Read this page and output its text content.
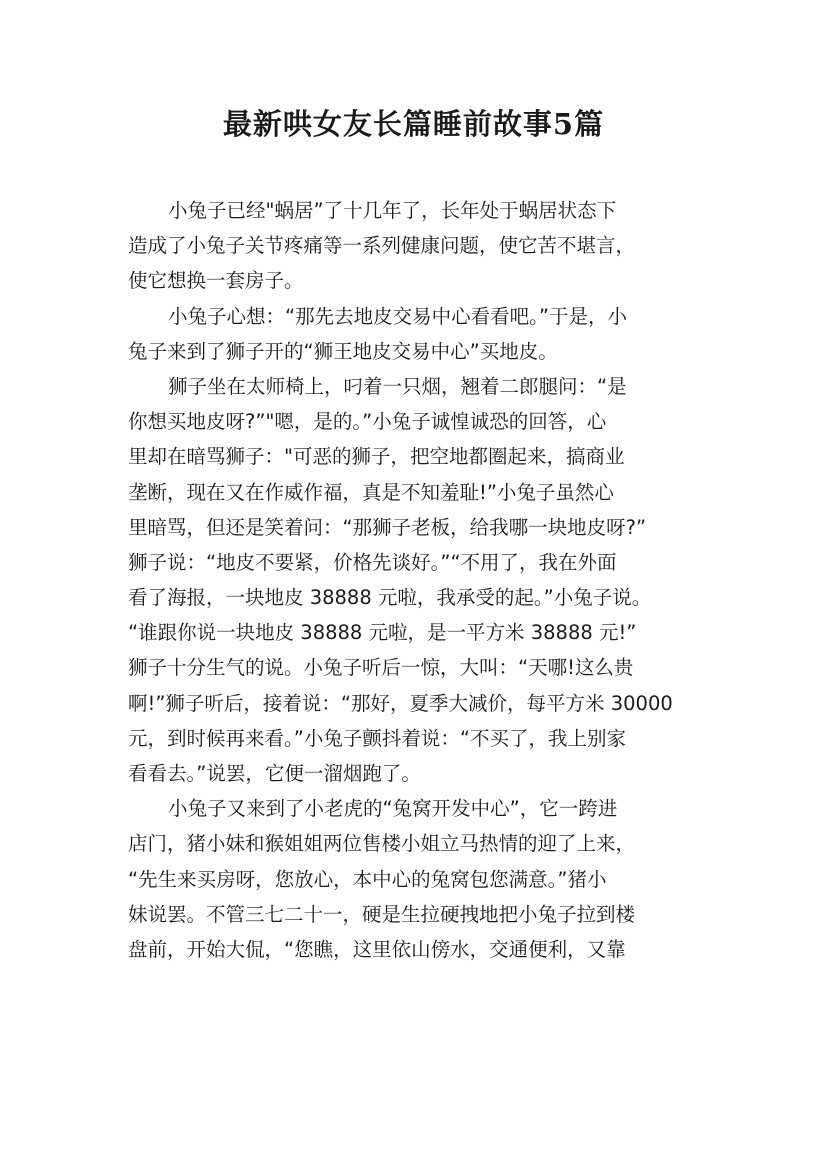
最新哄女友长篇睡前故事5篇

小兔子已经"蜗居”了十几年了，长年处于蜗居状态下
造成了小兔子关节疼痛等一系列健康问题，使它苦不堪言，
使它想换一套房子。

小兔子心想：“那先去地皮交易中心看看吧。”于是，小
兔子来到了狮子开的“狮王地皮交易中心”买地皮。

狮子坐在太师椅上，叼着一只烟，翘着二郎腿问：“是
你想买地皮呀?”"嗯，是的。”小兔子诚惶诚恐的回答，心
里却在暗骂狮子："可恶的狮子，把空地都圈起来，搞商业
垄断，现在又在作威作福，真是不知羞耻!”小兔子虽然心
里暗骂，但还是笑着问：“那狮子老板，给我哪一块地皮呀?”
狮子说：“地皮不要紧，价格先谈好。”“不用了，我在外面
看了海报，一块地皮 38888 元啦，我承受的起。”小兔子说。
“谁跟你说一块地皮 38888 元啦，是一平方米 38888 元!”
狮子十分生气的说。小兔子听后一惊，大叫：“天哪!这么贵
啊!”狮子听后，接着说：“那好，夏季大减价，每平方米 30000
元，到时候再来看。”小兔子颤抖着说：“不买了，我上别家
看看去。”说罢，它便一溜烟跑了。

小兔子又来到了小老虎的“兔窝开发中心”，它一跨进
店门，猪小妹和猴姐姐两位售楼小姐立马热情的迎了上来，
“先生来买房呀，您放心，本中心的兔窝包您满意。”猪小
妹说罢。不管三七二十一，硬是生拉硬拽地把小兔子拉到楼
盘前，开始大侃，“您瞧，这里依山傍水，交通便利，又靠
